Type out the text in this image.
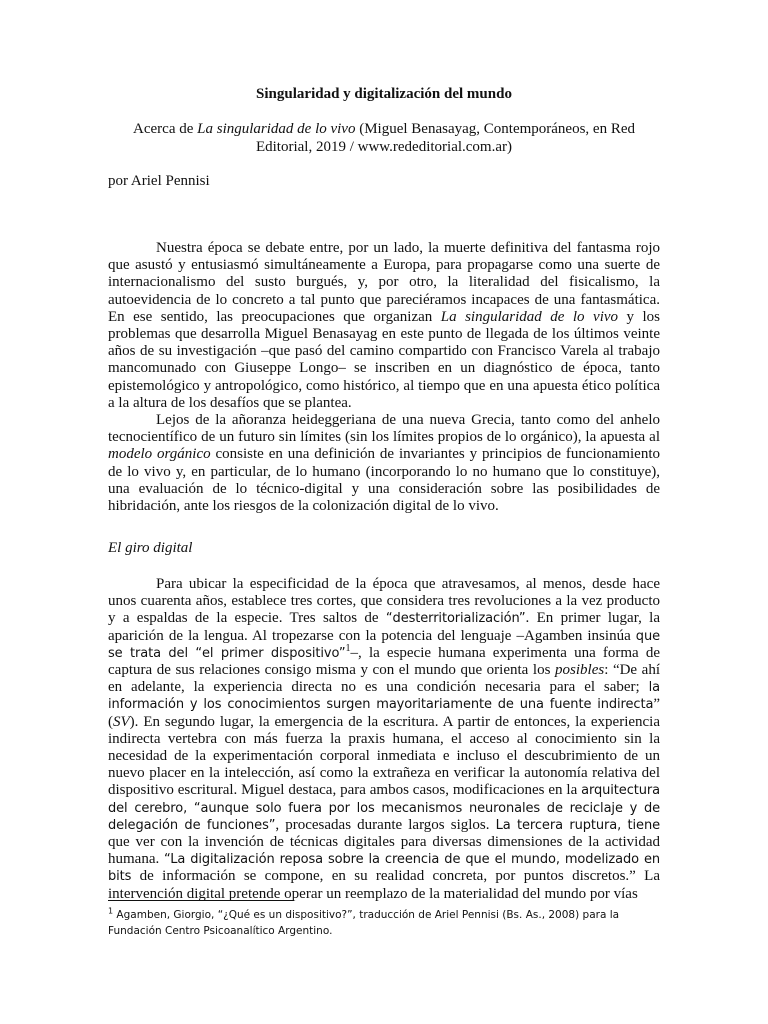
Singularidad y digitalización del mundo
Acerca de La singularidad de lo vivo (Miguel Benasayag, Contemporáneos, en Red Editorial, 2019 / www.rededitorial.com.ar)
por Ariel Pennisi

Nuestra época se debate entre, por un lado, la muerte definitiva del fantasma rojo que asustó y entusiasmó simultáneamente a Europa, para propagarse como una suerte de internacionalismo del susto burgués, y, por otro, la literalidad del fisicalismo, la autoevidencia de lo concreto a tal punto que pareciéramos incapaces de una fantasmática. En ese sentido, las preocupaciones que organizan La singularidad de lo vivo y los problemas que desarrolla Miguel Benasayag en este punto de llegada de los últimos veinte años de su investigación –que pasó del camino compartido con Francisco Varela al trabajo mancomunado con Giuseppe Longo– se inscriben en un diagnóstico de época, tanto epistemológico y antropológico, como histórico, al tiempo que en una apuesta ético política a la altura de los desafíos que se plantea.

Lejos de la añoranza heideggeriana de una nueva Grecia, tanto como del anhelo tecnocientífico de un futuro sin límites (sin los límites propios de lo orgánico), la apuesta al modelo orgánico consiste en una definición de invariantes y principios de funcionamiento de lo vivo y, en particular, de lo humano (incorporando lo no humano que lo constituye), una evaluación de lo técnico-digital y una consideración sobre las posibilidades de hibridación, ante los riesgos de la colonización digital de lo vivo.

El giro digital

Para ubicar la especificidad de la época que atravesamos, al menos, desde hace unos cuarenta años, establece tres cortes, que considera tres revoluciones a la vez producto y a espaldas de la especie. Tres saltos de “desterritorialización”. En primer lugar, la aparición de la lengua. Al tropezarse con la potencia del lenguaje –Agamben insinúa que se trata del “el primer dispositivo”$^1$–, la especie humana experimenta una forma de captura de sus relaciones consigo misma y con el mundo que orienta los posibles: “De ahí en adelante, la experiencia directa no es una condición necesaria para el saber; la información y los conocimientos surgen mayoritariamente de una fuente indirecta” (SV). En segundo lugar, la emergencia de la escritura. A partir de entonces, la experiencia indirecta vertebra con más fuerza la praxis humana, el acceso al conocimiento sin la necesidad de la experimentación corporal inmediata e incluso el descubrimiento de un nuevo placer en la intelección, así como la extrañeza en verificar la autonomía relativa del dispositivo escritural. Miguel destaca, para ambos casos, modificaciones en la arquitectura del cerebro, “aunque solo fuera por los mecanismos neuronales de reciclaje y de delegación de funciones”, procesadas durante largos siglos. La tercera ruptura, tiene que ver con la invención de técnicas digitales para diversas dimensiones de la actividad humana. “La digitalización reposa sobre la creencia de que el mundo, modelizado en bits de información se compone, en su realidad concreta, por puntos discretos.” La intervención digital pretende operar un reemplazo de la materialidad del mundo por vías

$^1$ Agamben, Giorgio, “¿Qué es un dispositivo?”, traducción de Ariel Pennisi (Bs. As., 2008) para la Fundación Centro Psicoanalítico Argentino.
